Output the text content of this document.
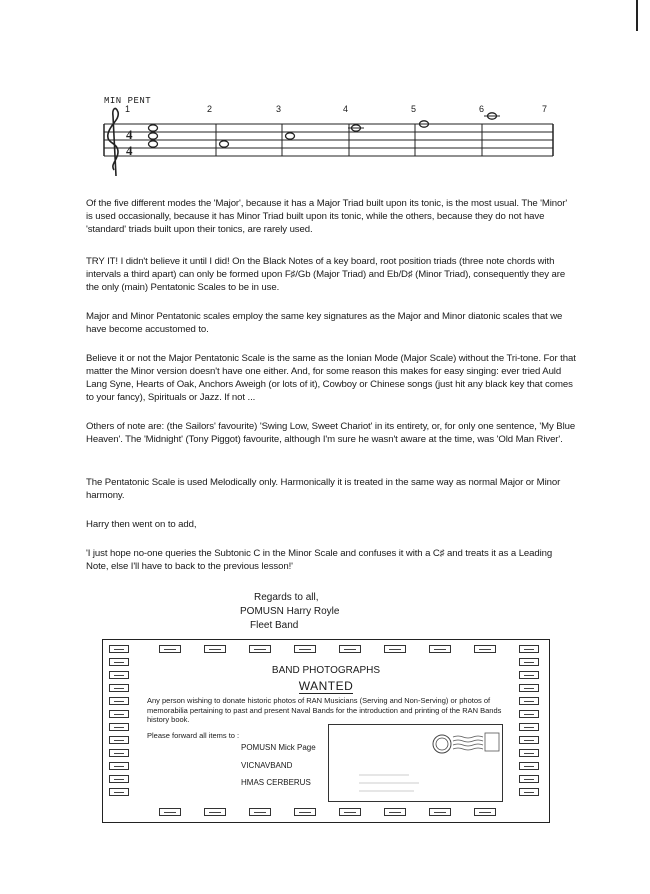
MIN PENT
4
4
1	2	3	4	5	6	7

Of the five different modes the 'Major', because it has a Major Triad built upon its tonic, is the most usual. The 'Minor' is used occasionally, because it has Minor Triad built upon its tonic, while the others, because they do not have 'standard' triads built upon their tonics, are rarely used.

TRY IT! I didn't believe it until I did! On the Black Notes of a key board, root position triads (three note chords with intervals a third apart) can only be formed upon F♯/Gb (Major Triad) and Eb/D♯ (Minor Triad), consequently they are the only (main) Pentatonic Scales to be in use.

Major and Minor Pentatonic scales employ the same key signatures as the Major and Minor diatonic scales that we have become accustomed to.

Believe it or not the Major Pentatonic Scale is the same as the Ionian Mode (Major Scale) without the Tri-tone. For that matter the Minor version doesn't have one either. And, for some reason this makes for easy singing: ever tried Auld Lang Syne, Hearts of Oak, Anchors Aweigh (or lots of it), Cowboy or Chinese songs (just hit any black key that comes to your fancy), Spirituals or Jazz. If not ...

Others of note are: (the Sailors' favourite) 'Swing Low, Sweet Chariot' in its entirety, or, for only one sentence, 'My Blue Heaven'. The 'Midnight' (Tony Piggot) favourite, although I'm sure he wasn't aware at the time, was 'Old Man River'.

The Pentatonic Scale is used Melodically only. Harmonically it is treated in the same way as normal Major or Minor harmony.

Harry then went on to add,

'I just hope no-one queries the Subtonic C in the Minor Scale and confuses it with a C♯ and treats it as a Leading Note, else I'll have to back to the previous lesson!'

Regards to all,
POMUSN Harry Royle
Fleet Band
BAND PHOTOGRAPHS
WANTED
Any person wishing to donate historic photos of RAN Musicians (Serving and Non-Serving) or photos of memorabilia pertaining to past and present Naval Bands for the introduction and printing of the RAN Bands history book.
Please forward all items to :
POMUSN Mick Page
VICNAVBAND
HMAS CERBERUS
